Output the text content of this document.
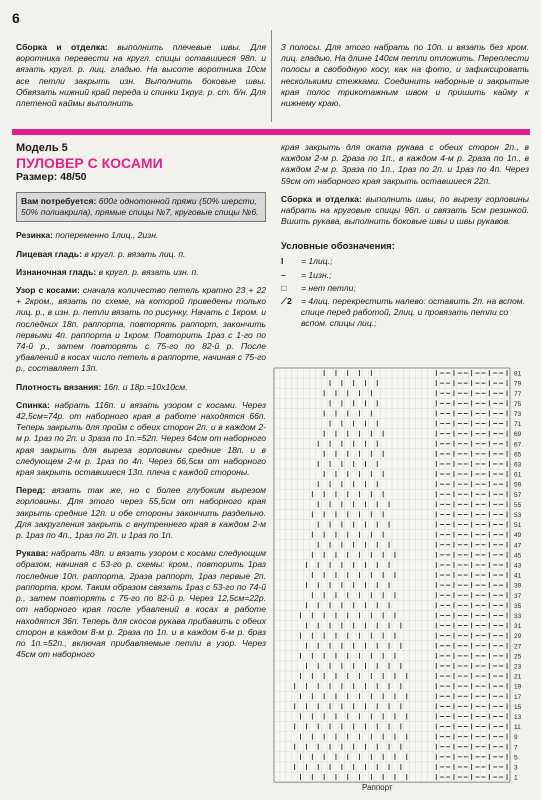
6

Сборка и отделка: выполнить плечевые швы. Для воротника перевести на кругл. спицы оставшиеся 98п. и вязать кругл. р. лиц. гладью. На высоте воротника 10см все петли закрыть изн. Выполнить боковые швы. Обвязать нижний край переда и спинки 1круг. р. ст. б/н. Для плетеной каймы выполнить

3 полосы. Для этого набрать по 10п. и вязать без кром. лиц. гладью. На длине 140см петли отложить. Переплести полосы в свободную косу, как на фото, и зафиксировать несколькими стежками. Соединить наборные и закрытые края полос трикотажным швом и пришить кайму к нижнему краю.

Модель 5
ПУЛОВЕР С КОСАМИ
Размер: 48/50
Вам потребуется: 600г однотонной пряжи (50% шерсти, 50% полиакрила), прямые спицы №7, круговые спицы №6.

Резинка: попеременно 1лиц., 2изн.

Лицевая гладь: в кругл. р. вязать лиц. п.

Изнаночная гладь: в кругл. р. вязать изн. п.

Узор с косами: сначала количество петель кратно 23 + 22 + 2кром., вязать по схеме, на которой приведены только лиц. р., в изн. р. петли вязать по рисунку. Начать с 1кром. и последних 18п. раппорта, повторять раппорт, закончить первыми 4п. раппорта и 1кром. Повторить 1раз с 1-го по 74-й р., затем повторять с 75-го по 82-й р. После убавлений в косах число петель в раппорте, начиная с 75-го р., составляет 13п.

Плотность вязания: 16п. и 18р.=10х10см.

Спинка: набрать 116п. и вязать узором с косами. Через 42,5см=74р. от наборного края в работе находятся 66п. Теперь закрыть для пройм с обеих сторон 2п. и в каждом 2-м р. 1раз по 2п. и 3раза по 1п.=52п. Через 64см от наборного края закрыть для выреза горловины средние 18п. и в следующем 2-м р. 1раз по 4п. Через 66,5см от наборного края закрыть оставшиеся 13п. плеча с каждой стороны.

Перед: вязать так же, но с более глубоким вырезом горловины. Для этого через 55,5см от наборного края закрыть средние 12п. и обе стороны закончить раздельно. Для закругления закрыть с внутреннего края в каждом 2-м р. 1раз по 4п., 1раз по 2п. и 1раз по 1п.

Рукава: набрать 48п. и вязать узором с косами следующим образом, начиная с 53-го р. схемы: кром., повторить 1раз последние 10п. раппорта, 2раза раппорт, 1раз первые 2п. раппорта, кром. Таким образом связать 1раз с 53-го по 74-й р., затем повторять с 75-го по 82-й р. Через 12,5см=22р. от наборного края после убавлений в косах в работе находятся 36п. Теперь для скосов рукава прибавить с обеих сторон в каждом 8-м р. 2раза по 1п. и в каждом 6-м р. 6раз по 1п.=52п., включая прибавляемые петли в узор. Через 45см от наборного

края закрыть для оката рукава с обеих сторон 2п., в каждом 2-м р. 2раза по 1п., в каждом 4-м р. 2раза по 1п., в каждом 2-м р. 3раза по 1п., 1раз по 2п. и 1раз по 4п. Через 59см от наборного края закрыть оставшиеся 22п.

Сборка и отделка: выполнить швы, по вырезу горловины набрать на круговые спицы 96п. и связать 5см резинкой. Вшить рукава, выполнить боковые швы и швы рукавов.

Условные обозначения:
I	= 1лиц.;
–	= 1изн.;
□	= нет петли;
⟋2	= 4лиц. перекрестить налево: оставить 2п. на вспом. спице перед работой, 2лиц. и провязать петли со вспом. спицы лиц.;
81
79
77
75
73
71
69
67
65
63
61
59
57
55
53
51
49
47
45
43
41
39
37
35
33
31
29
27
25
23
21
19
17
15
13
11
9
7
5
3
1
Раппорт
